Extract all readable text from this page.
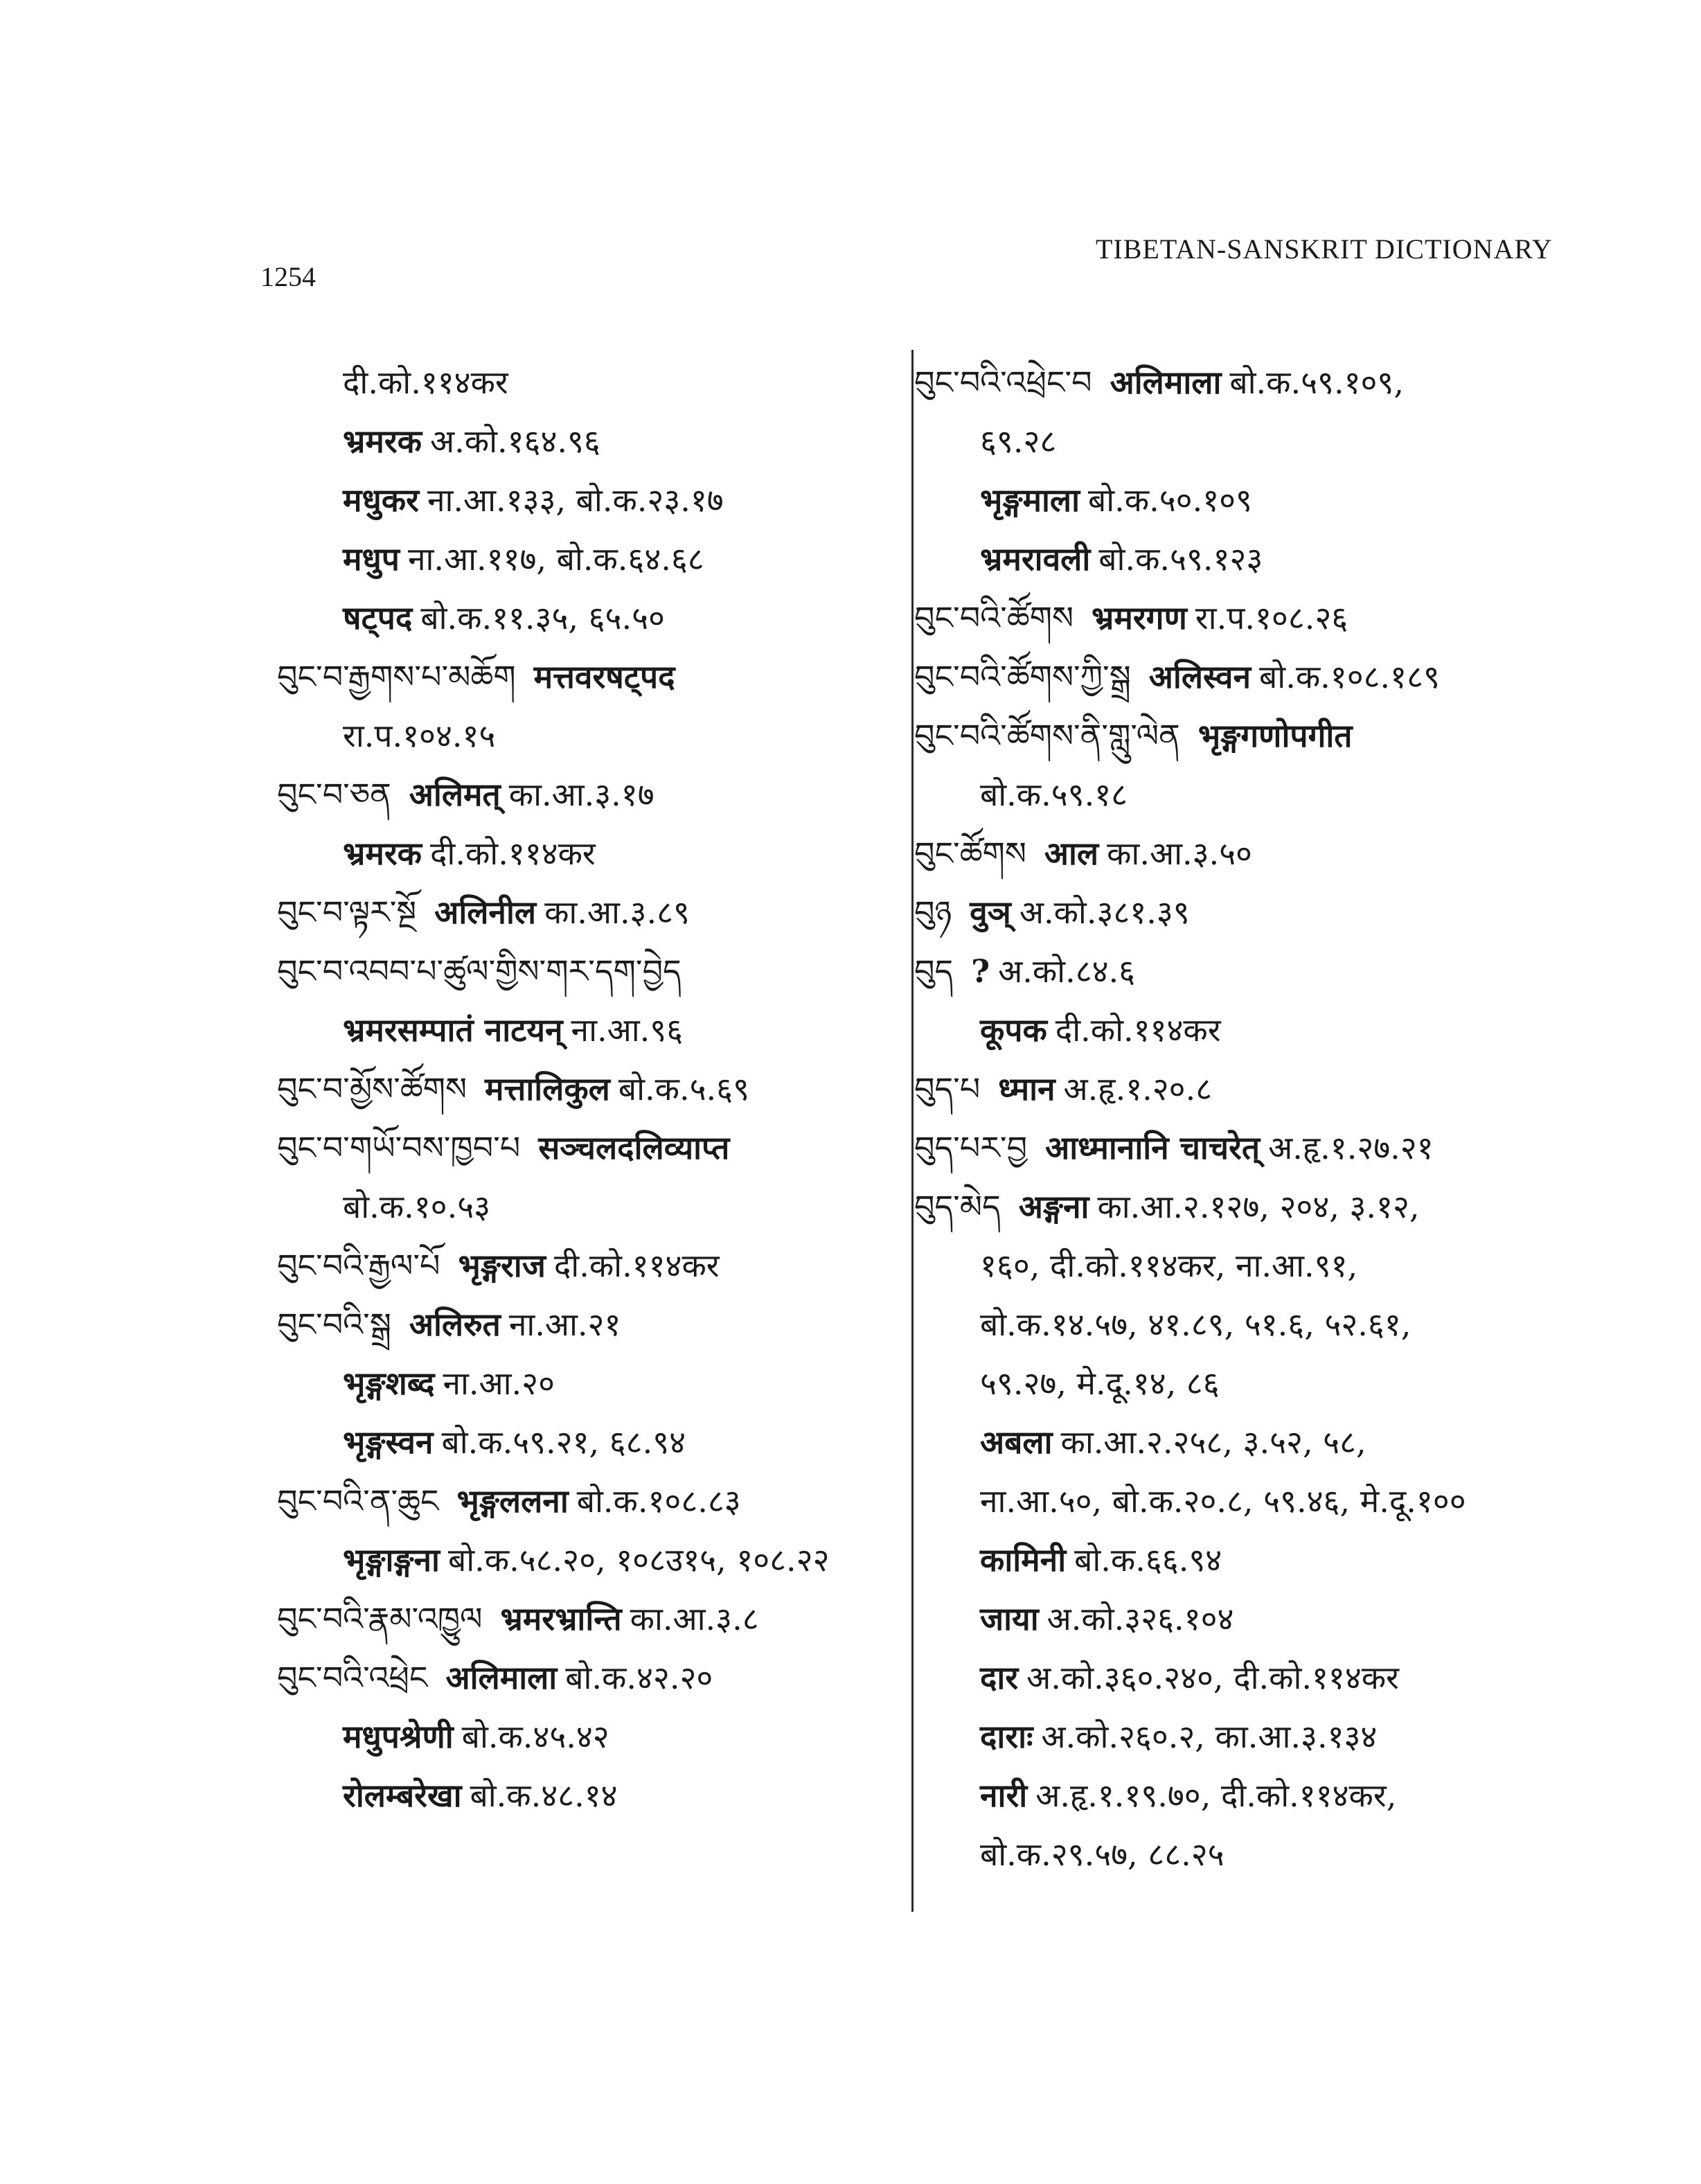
1254
TIBETAN-SANSKRIT DICTIONARY
दी.को.११४कर
भ्रमरक अ.को.१६४.९६
मधुकर ना.आ.१३३, बो.क.२३.१७
मधुप ना.आ.११७, बो.क.६४.६८
षट्पद बो.क.११.३५, ६५.५०
བུང་བ་རྒྱགས་པ་མཆོག मत्तवरषट्पद
रा.प.१०४.१५
བུང་བ་ཅན अलिमत् का.आ.३.१७
भ्रमरक दी.को.११४कर
བུང་བ་ལྟར་སྔོ अलिनील का.आ.३.८९
བུང་བ་འབབ་པ་ཚུལ་གྱིས་གར་དག་བྱེད
भ्रमरसम्पातं नाटयन् ना.आ.९६
བུང་བ་མྱོས་ཚོགས मत्तालिकुल बो.क.५.६९
བུང་བ་གཡོ་བས་ཁྱབ་པ सञ्चलदलिव्याप्त
बो.क.१०.५३
བུང་བའི་རྒྱལ་པོ भृङ्गराज दी.को.११४कर
བུང་བའི་སྒྲ अलिरुत ना.आ.२१
भृङ्गशब्द ना.आ.२०
भृङ्गस्वन बो.क.५९.२१, ६८.९४
བུང་བའི་ན་ཆུང भृङ्गललना बो.क.१०८.८३
भृङ्गाङ्गना बो.क.५८.२०, १०८उ१५, १०८.२२
བུང་བའི་རྣམ་འཁྱུལ भ्रमरभ्रान्ति का.आ.३.८
བུང་བའི་འཕྲེང अलिमाला बो.क.४२.२०
मधुपश्रेणी बो.क.४५.४२
रोलम्बरेखा बो.क.४८.१४
བུང་བའི་འཕྲེང་བ अलिमाला बो.क.५९.१०९,
६९.२८
भृङ्गमाला बो.क.५०.१०९
भ्रमरावली बो.क.५९.१२३
བུང་བའི་ཚོགས भ्रमरगण रा.प.१०८.२६
བུང་བའི་ཚོགས་ཀྱི་སྒྲ अलिस्वन बो.क.१०८.१८९
བུང་བའི་ཚོགས་ནི་གླུ་ལེན भृङ्गगणोपगीत
बो.क.५९.१८
བུང་ཚོགས आल का.आ.३.५०
བུཉ वुञ् अ.को.३८१.३९
བུད ? अ.को.८४.६
कूपक दी.को.११४कर
བུད་པ ध्मान अ.हृ.१.२०.८
བུད་པར་བྱ आध्मानानि चाचरेत् अ.हृ.१.२७.२१
བུད་མེད अङ्गना का.आ.२.१२७, २०४, ३.१२,
१६०, दी.को.११४कर, ना.आ.९१,
बो.क.१४.५७, ४१.८९, ५१.६, ५२.६१,
५९.२७, मे.दू.१४, ८६
अबला का.आ.२.२५८, ३.५२, ५८,
ना.आ.५०, बो.क.२०.८, ५९.४६, मे.दू.१००
कामिनी बो.क.६६.९४
जाया अ.को.३२६.१०४
दार अ.को.३६०.२४०, दी.को.११४कर
दाराः अ.को.२६०.२, का.आ.३.१३४
नारी अ.हृ.१.१९.७०, दी.को.११४कर,
बो.क.२९.५७, ८८.२५
